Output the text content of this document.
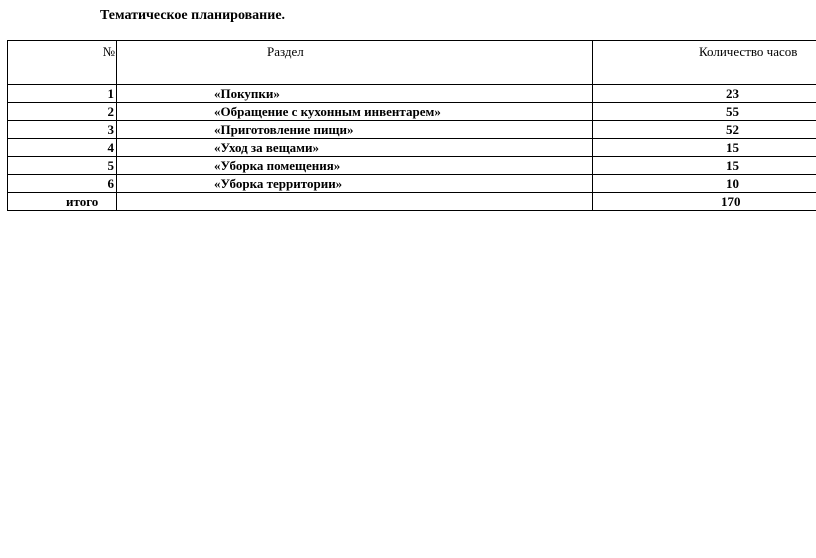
Тематическое планирование.
№	Раздел	Количество часов
1	«Покупки»	23
2	«Обращение с кухонным инвентарем»	55
3	«Приготовление пищи»	52
4	«Уход за вещами»	15
5	«Уборка помещения»	15
6	«Уборка территории»	10
итого		170
